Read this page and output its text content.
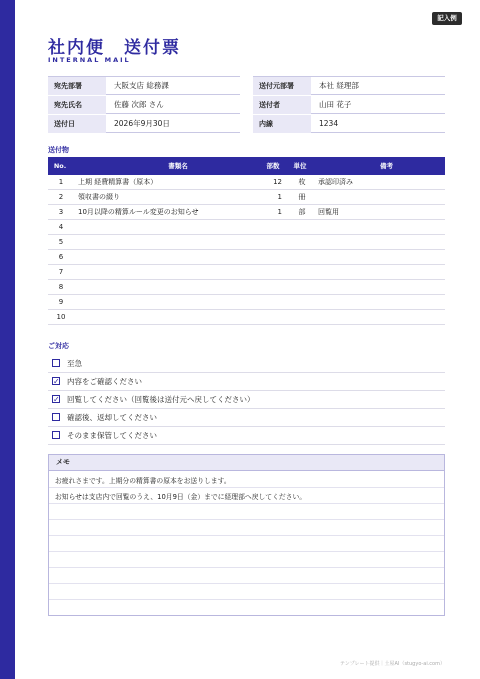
記入例
社内便　送付票
INTERNAL MAIL
宛先部署	大阪支店 総務課	送付元部署	本社 経理部
宛先氏名	佐藤 次郎 さん	送付者	山田 花子
送付日	2026年9月30日	内線	1234
送付物
No.	書類名	部数	単位	備考
1	上期 経費精算書（原本）	12	枚	承認印済み
2	領収書の綴り	1	冊
3	10月以降の精算ルール変更のお知らせ	1	部	回覧用
4
5
6
7
8
9
10
ご対応
至急
✓ 内容をご確認ください
✓ 回覧してください（回覧後は送付元へ戻してください）
確認後、返却してください
そのまま保管してください
メモ
お疲れさまです。上期分の精算書の原本をお送りします。
お知らせは支店内で回覧のうえ、10月9日（金）までに経理部へ戻してください。
テンプレート提供｜土屋AI（stugyo-ai.com）
